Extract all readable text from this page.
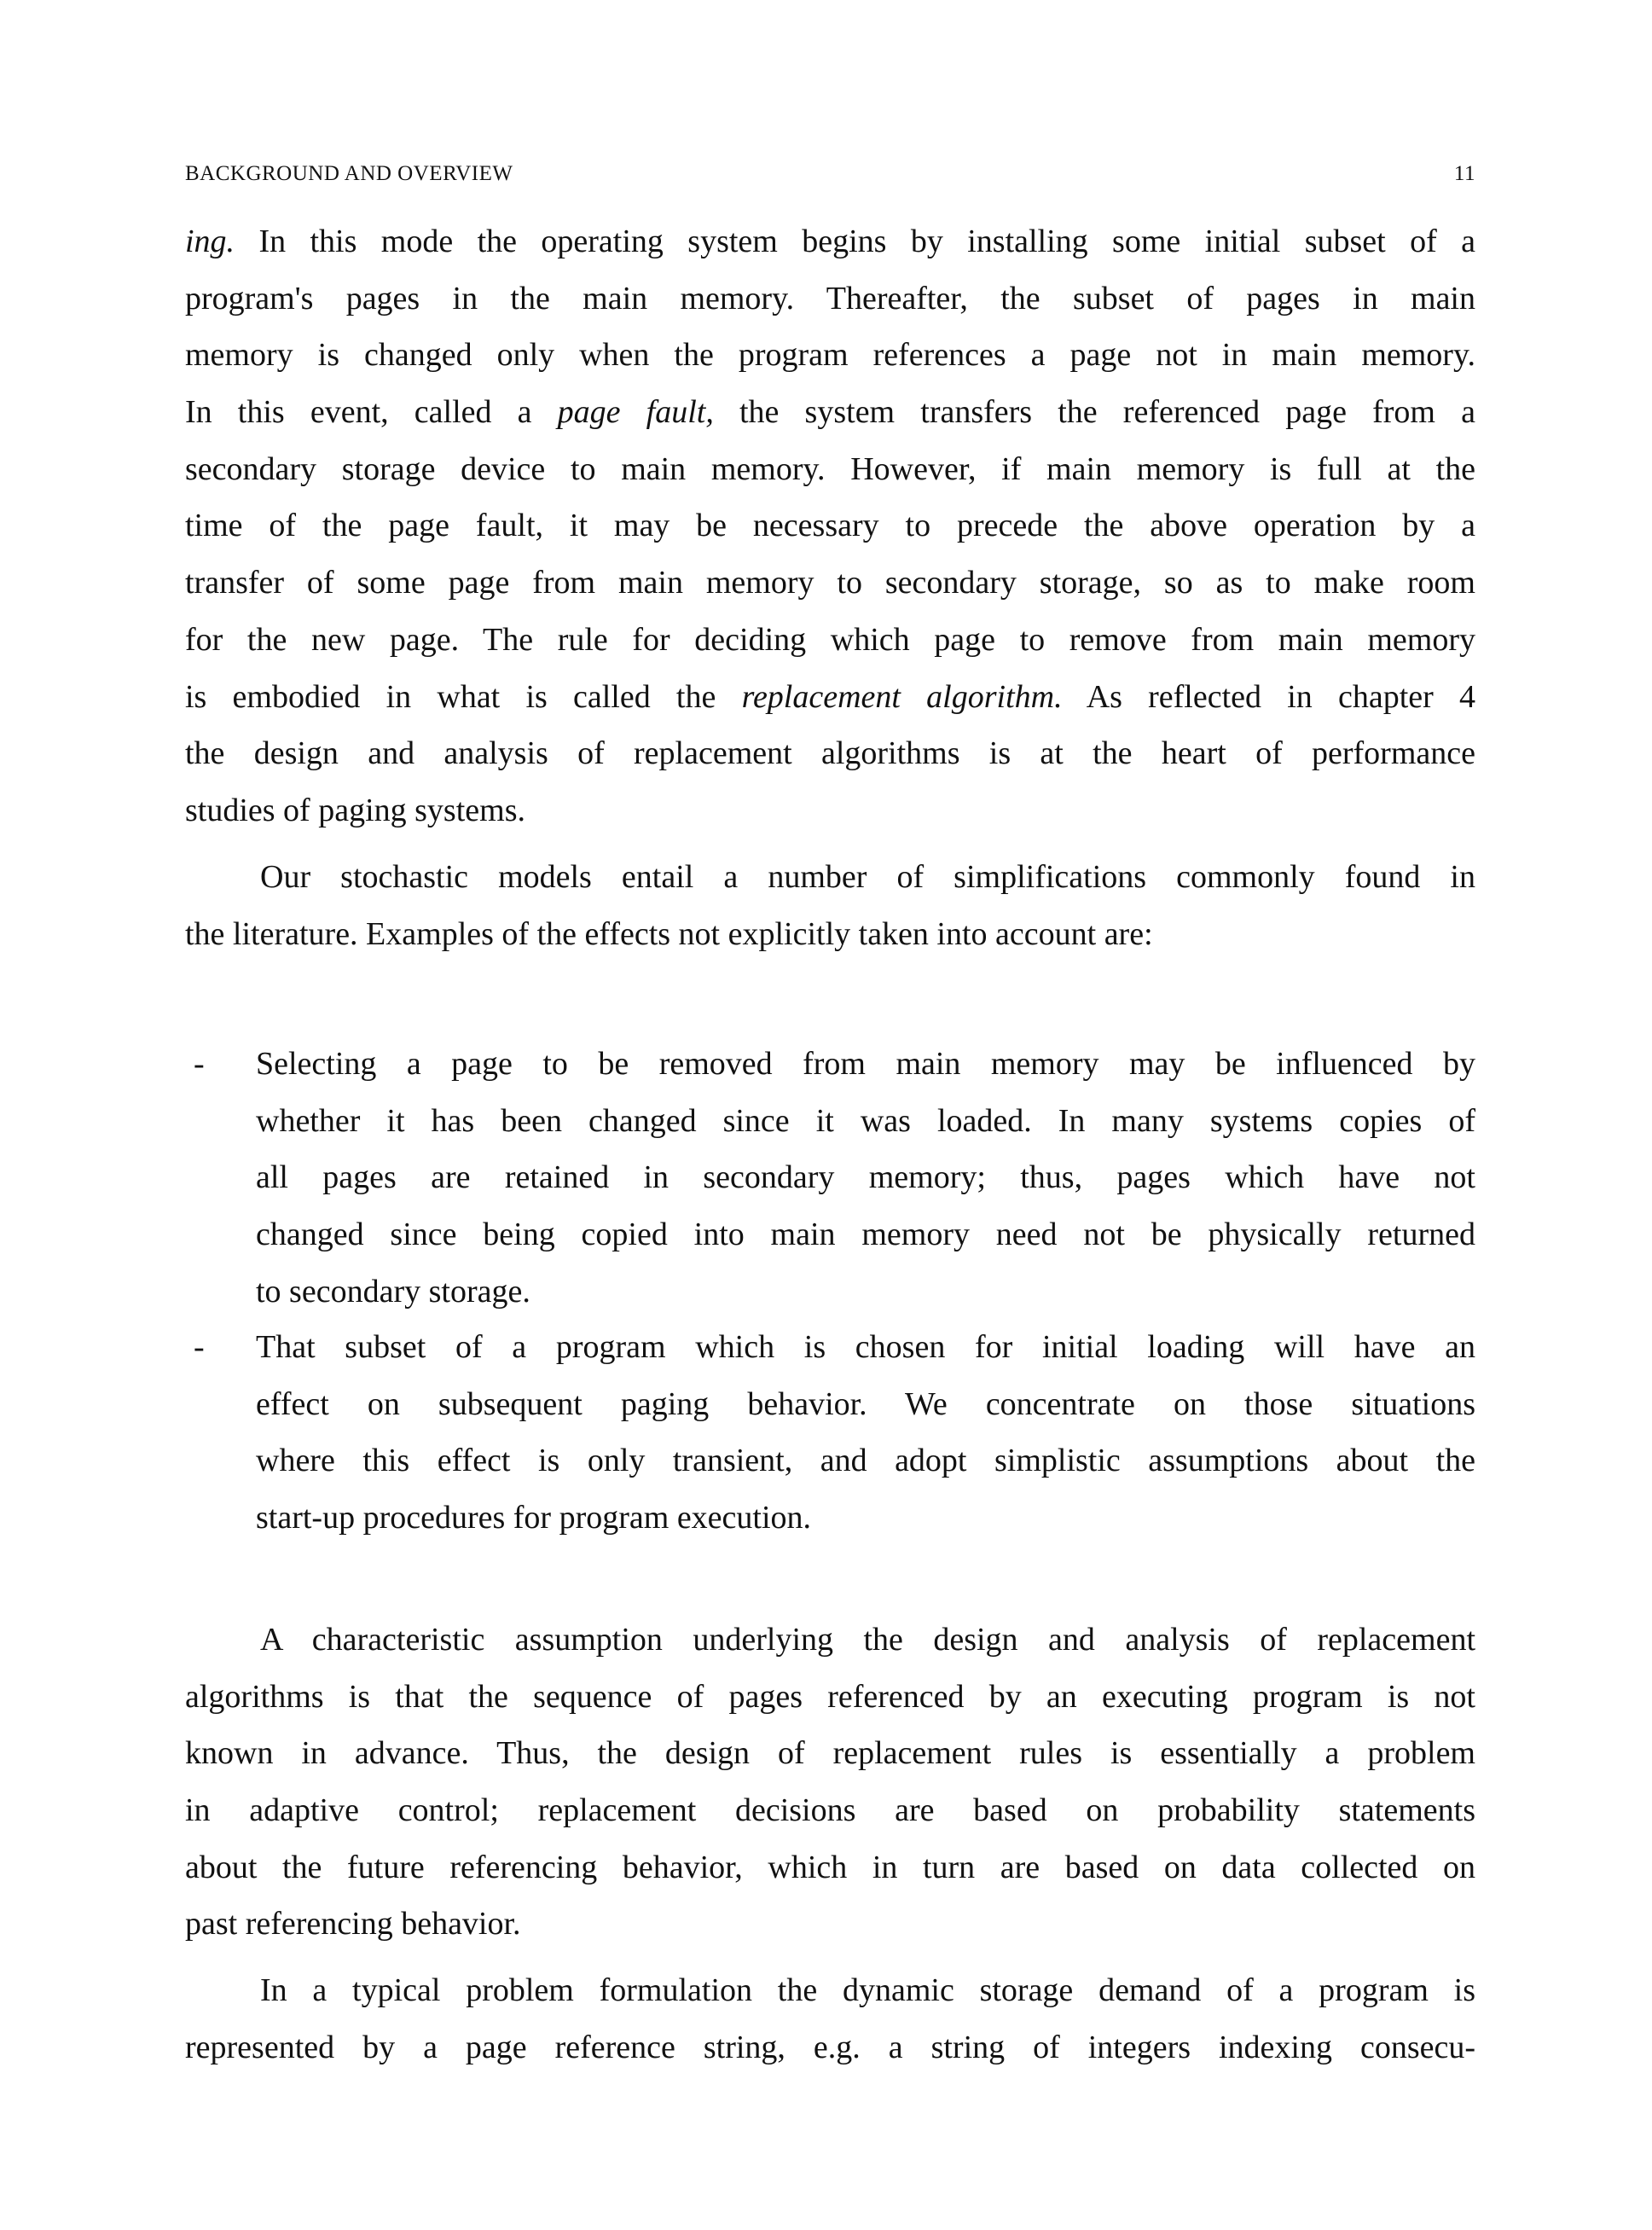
BACKGROUND AND OVERVIEW	11
ing. In this mode the operating system begins by installing some initial subset of a
program's pages in the main memory. Thereafter, the subset of pages in main
memory is changed only when the program references a page not in main memory.
In this event, called a page fault, the system transfers the referenced page from a
secondary storage device to main memory. However, if main memory is full at the
time of the page fault, it may be necessary to precede the above operation by a
transfer of some page from main memory to secondary storage, so as to make room
for the new page. The rule for deciding which page to remove from main memory
is embodied in what is called the replacement algorithm. As reflected in chapter 4
the design and analysis of replacement algorithms is at the heart of performance
studies of paging systems.
Our stochastic models entail a number of simplifications commonly found in
the literature. Examples of the effects not explicitly taken into account are:
A characteristic assumption underlying the design and analysis of replacement
algorithms is that the sequence of pages referenced by an executing program is not
known in advance. Thus, the design of replacement rules is essentially a problem
in adaptive control; replacement decisions are based on probability statements
about the future referencing behavior, which in turn are based on data collected on
past referencing behavior.
In a typical problem formulation the dynamic storage demand of a program is
represented by a page reference string, e.g. a string of integers indexing consecu-
- Selecting a page to be removed from main memory may be influenced by
whether it has been changed since it was loaded. In many systems copies of
all pages are retained in secondary memory; thus, pages which have not
changed since being copied into main memory need not be physically returned
to secondary storage.
- That subset of a program which is chosen for initial loading will have an
effect on subsequent paging behavior. We concentrate on those situations
where this effect is only transient, and adopt simplistic assumptions about the
start-up procedures for program execution.
